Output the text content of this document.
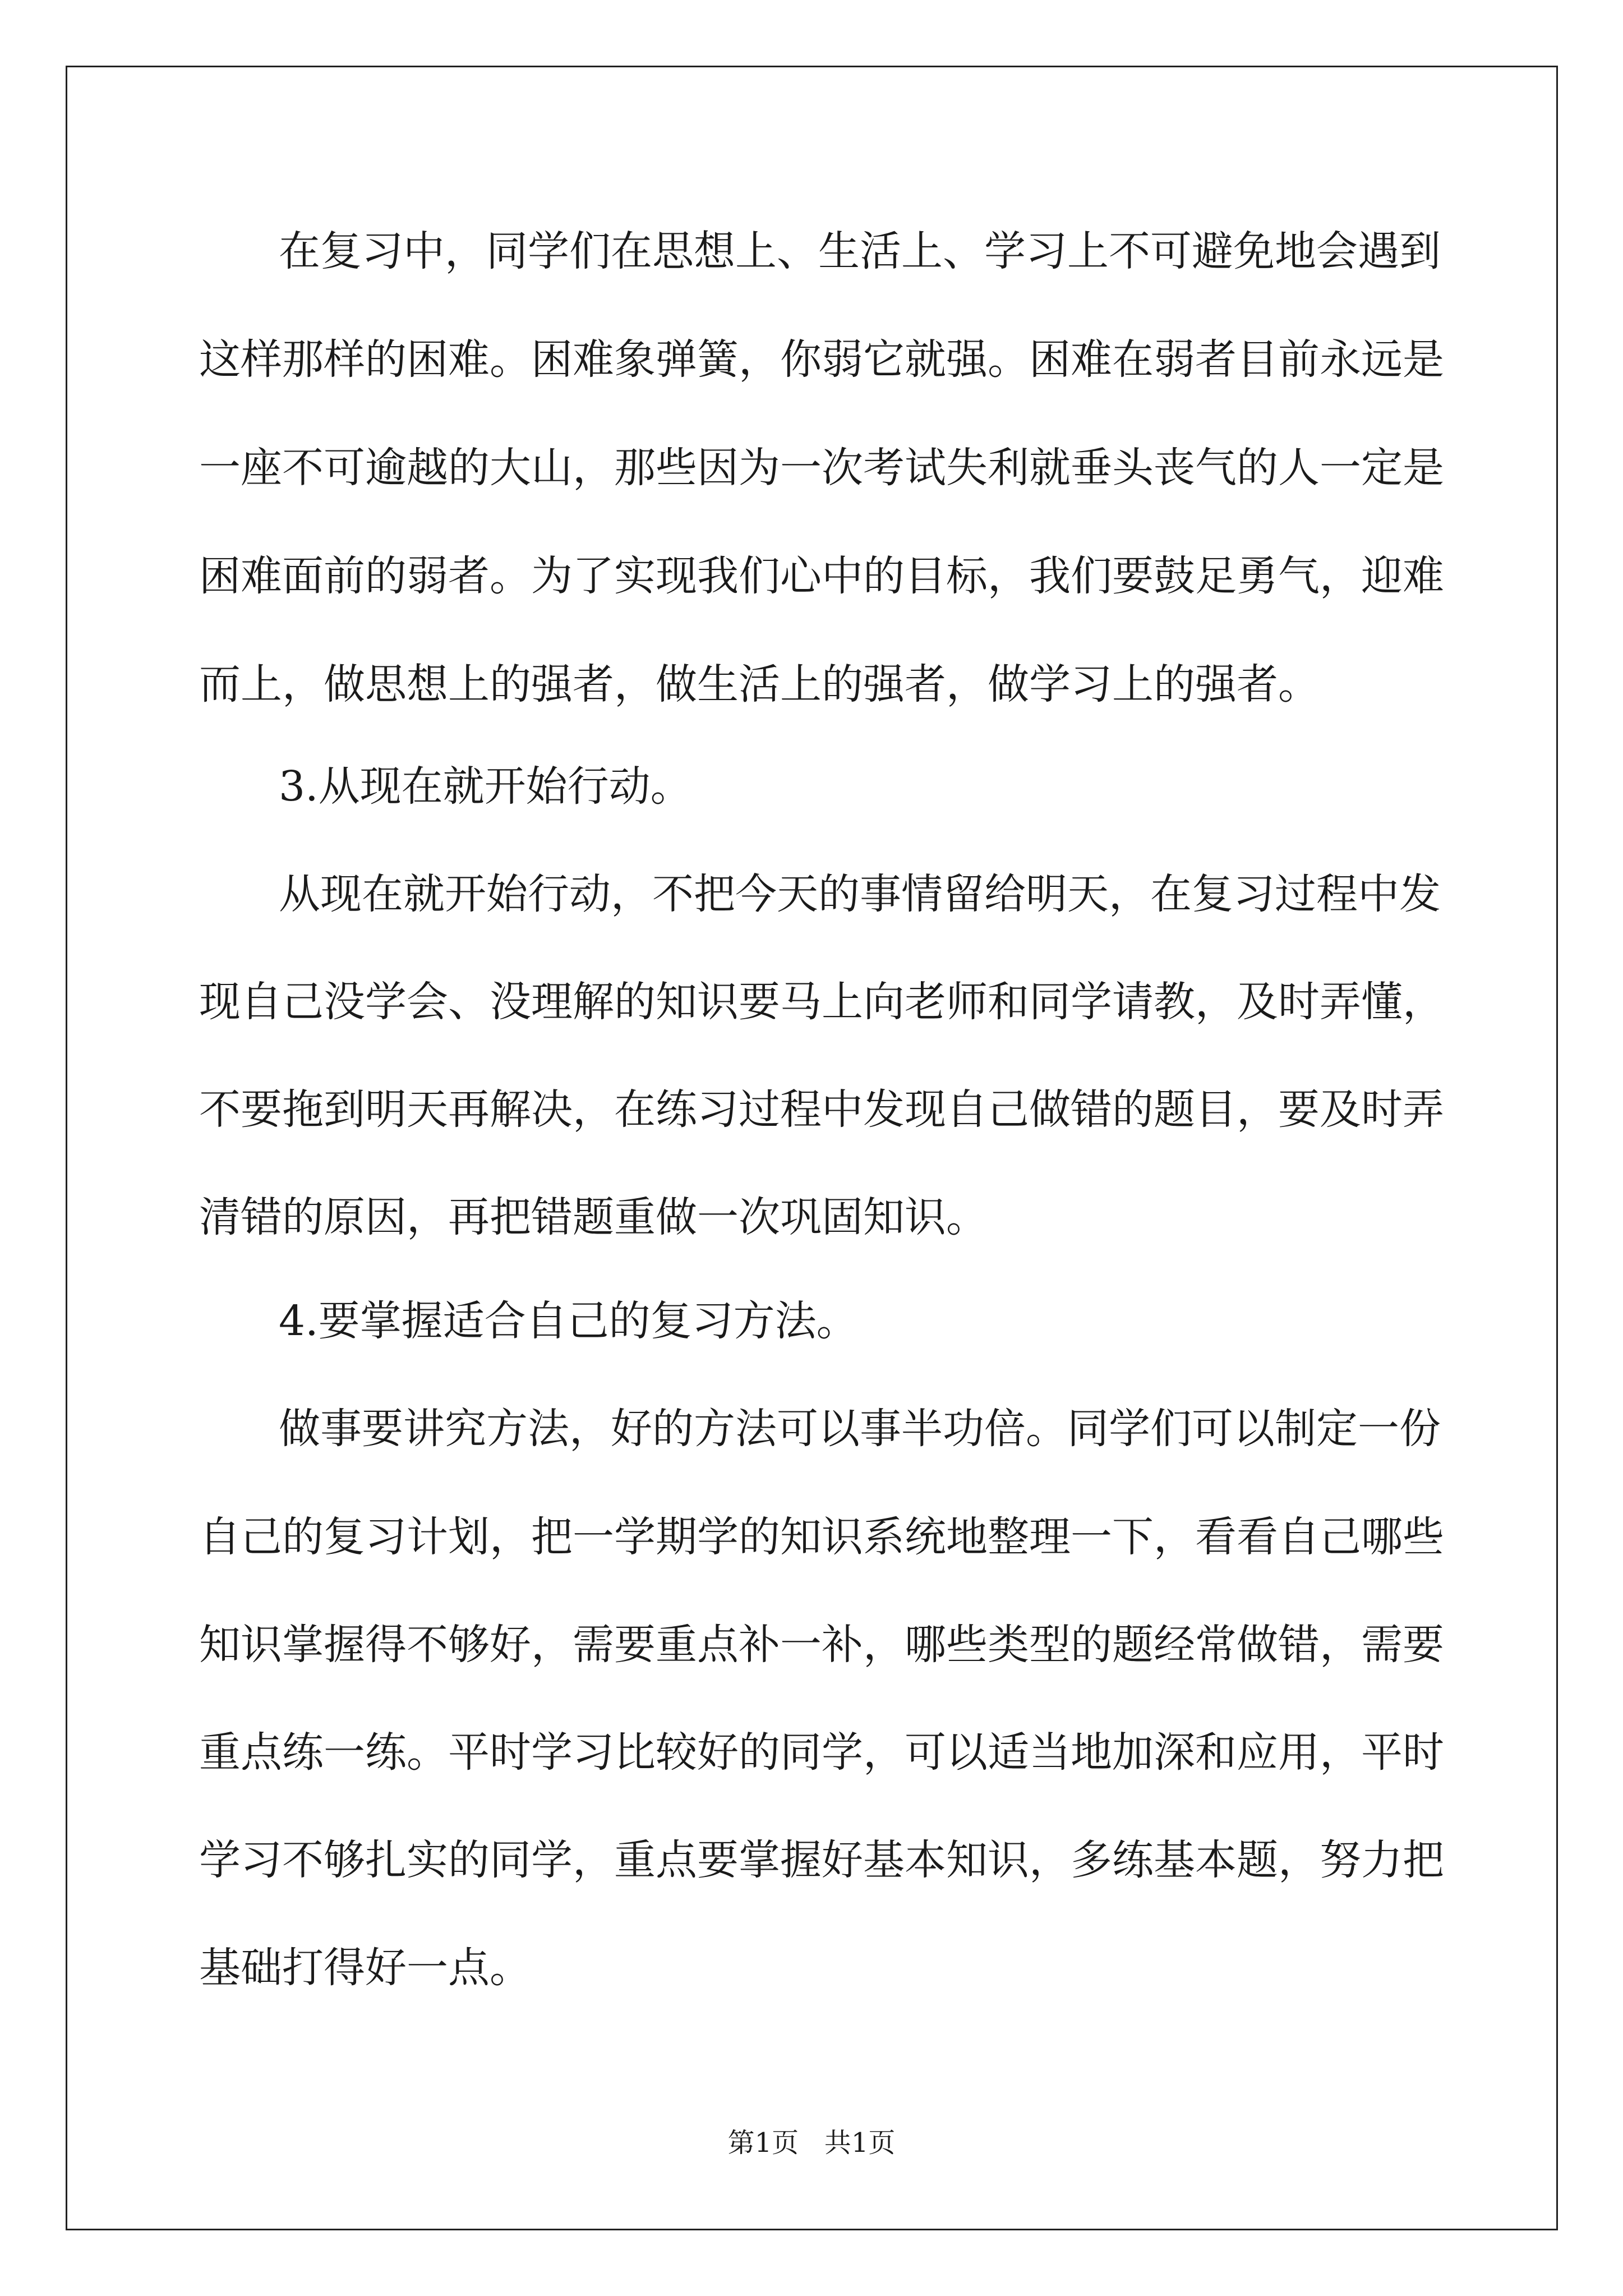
在复习中，同学们在思想上、生活上、学习上不可避免地会遇到
这样那样的困难。困难象弹簧，你弱它就强。困难在弱者目前永远是
一座不可逾越的大山，那些因为一次考试失利就垂头丧气的人一定是
困难面前的弱者。为了实现我们心中的目标，我们要鼓足勇气，迎难
而上，做思想上的强者，做生活上的强者，做学习上的强者。
3.从现在就开始行动。
从现在就开始行动，不把今天的事情留给明天，在复习过程中发
现自己没学会、没理解的知识要马上向老师和同学请教，及时弄懂，
不要拖到明天再解决，在练习过程中发现自己做错的题目，要及时弄
清错的原因，再把错题重做一次巩固知识。
4.要掌握适合自己的复习方法。
做事要讲究方法，好的方法可以事半功倍。同学们可以制定一份
自己的复习计划，把一学期学的知识系统地整理一下，看看自己哪些
知识掌握得不够好，需要重点补一补，哪些类型的题经常做错，需要
重点练一练。平时学习比较好的同学，可以适当地加深和应用，平时
学习不够扎实的同学，重点要掌握好基本知识，多练基本题，努力把
基础打得好一点。
第1页 共1页
